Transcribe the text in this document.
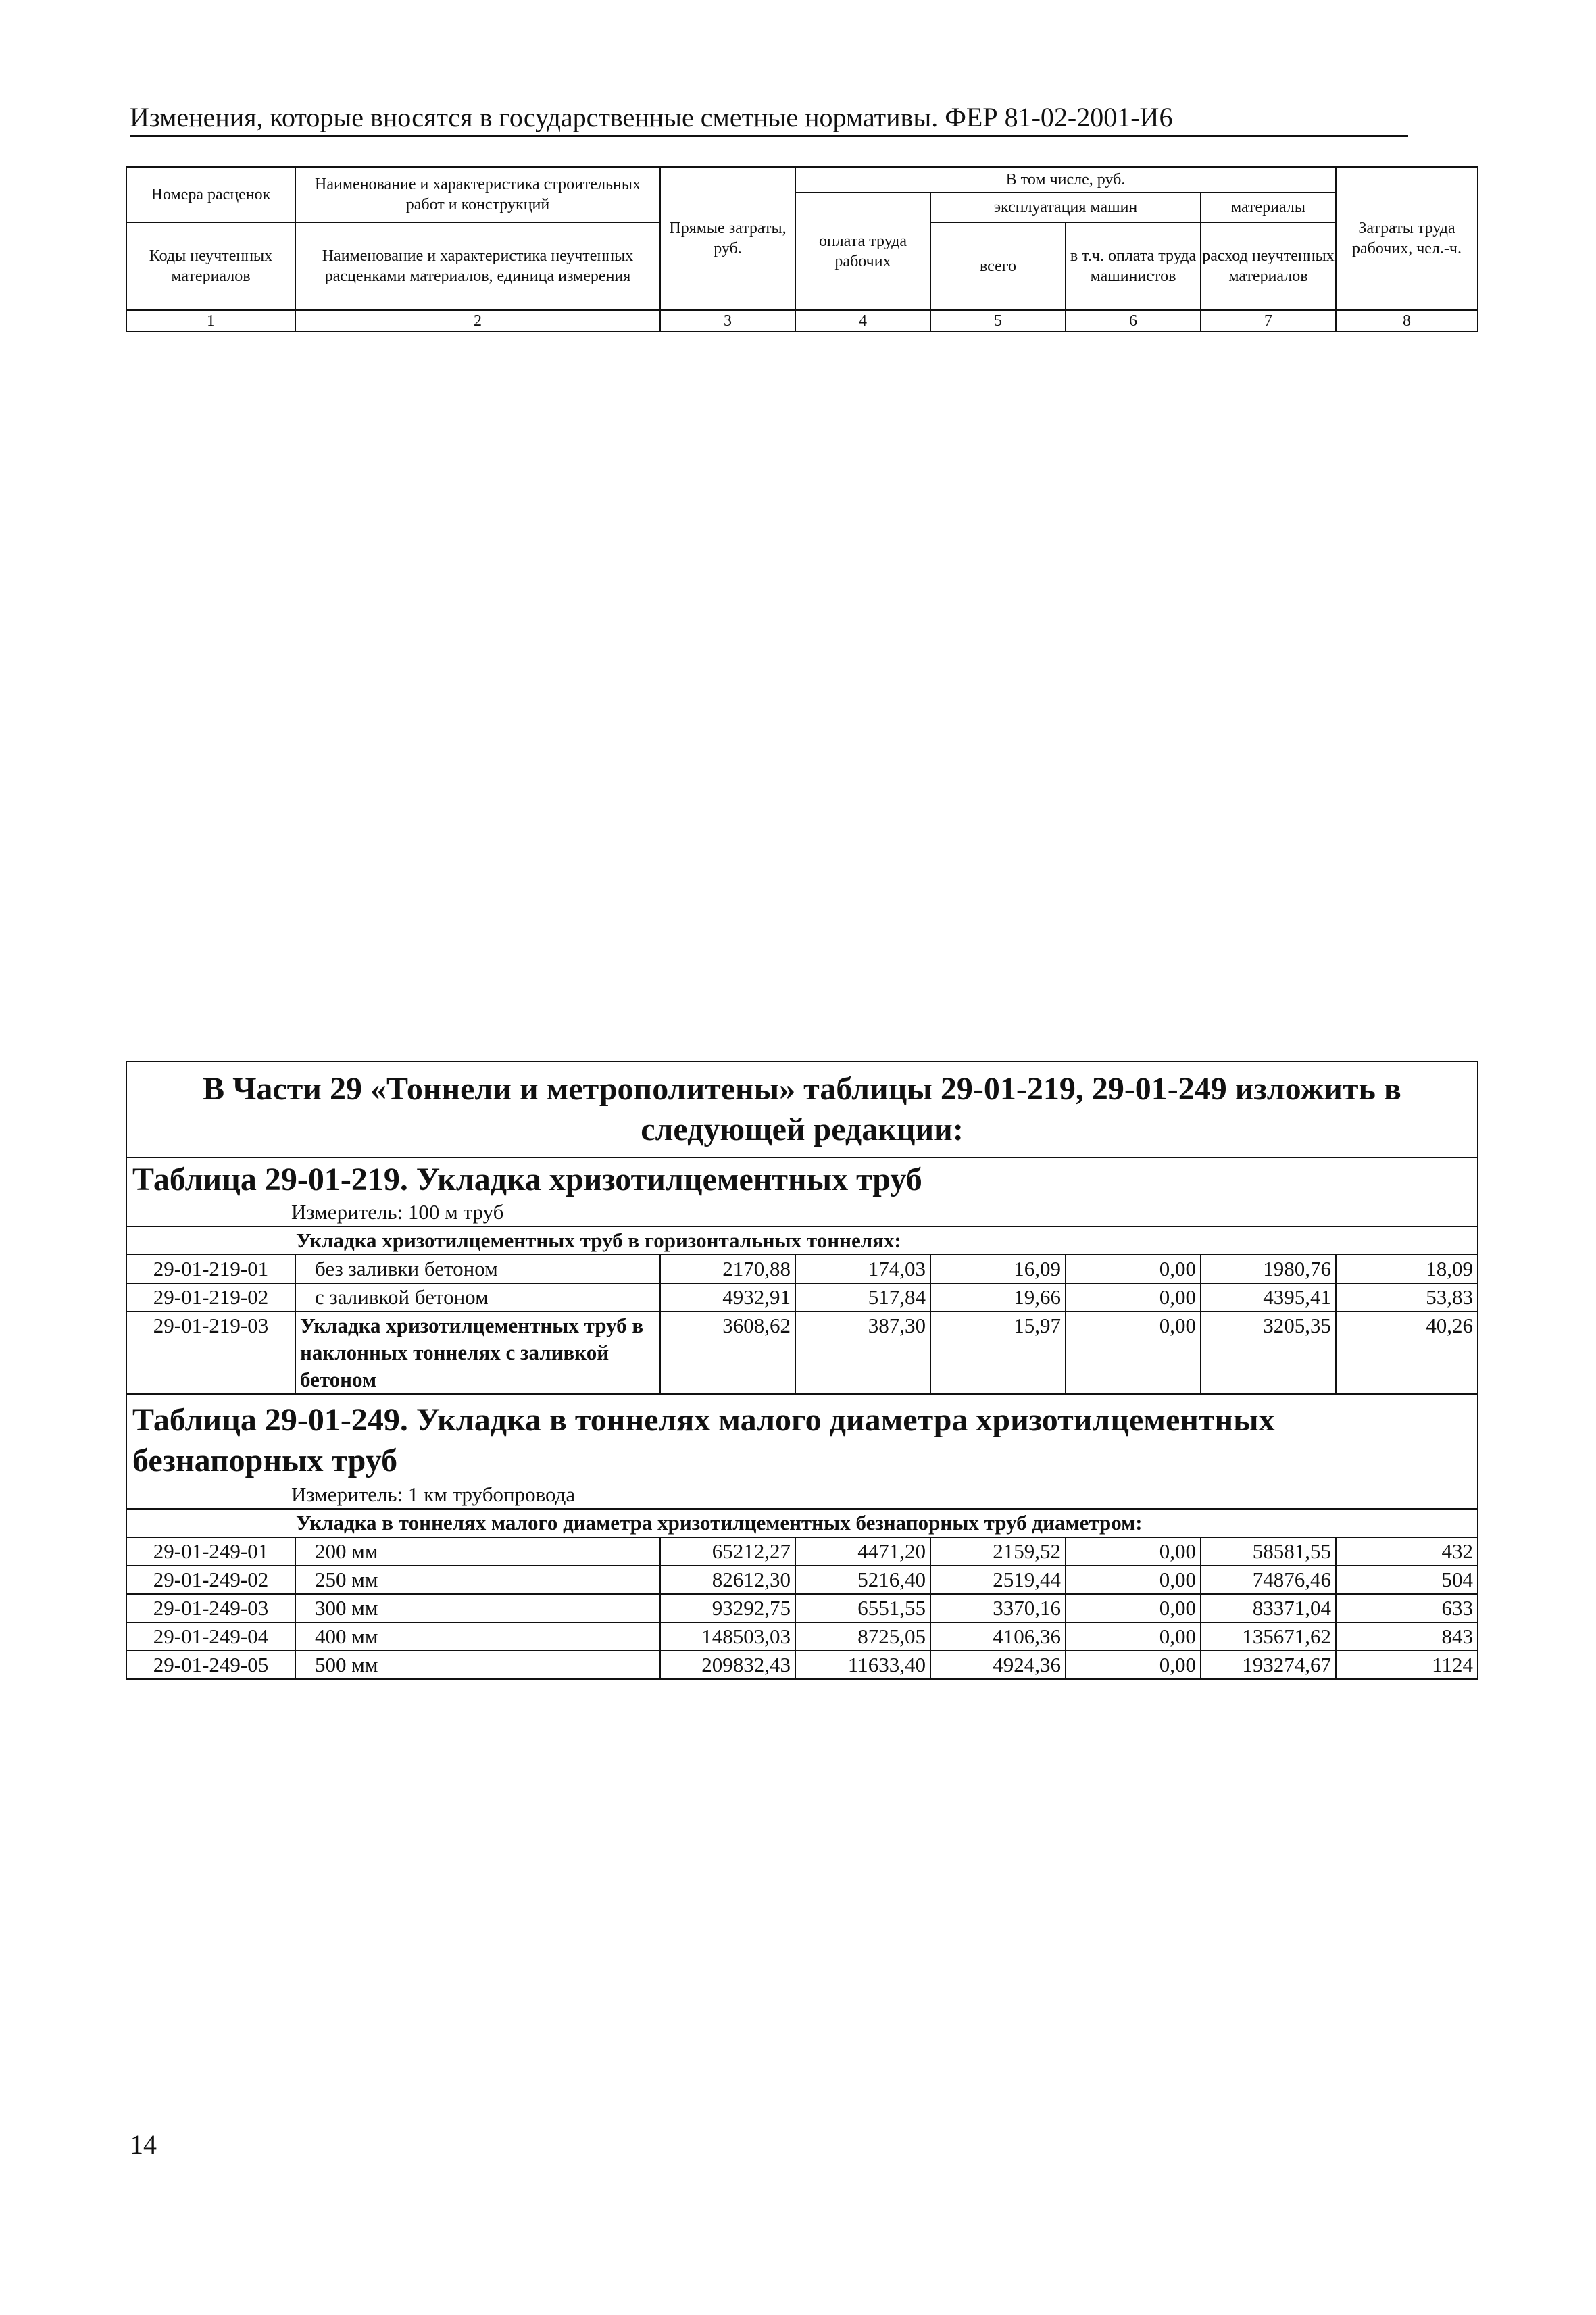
Изменения, которые вносятся в государственные сметные нормативы. ФЕР 81-02-2001-И6
Номера расценок	Наименование и характеристика строительных работ и конструкций	Прямые затраты, руб.	В том числе, руб.				Затраты труда рабочих, чел.-ч.
			оплата труда рабочих	эксплуатация машин		материалы	
Коды неучтенных материалов	Наименование и характеристика неучтенных расценками материалов, единица измерения			всего	в т.ч. оплата труда машинистов	расход неучтенных материалов	

1	2	3	4	5	6	7	8
В Части 29 «Тоннели и метрополитены» таблицы 29-01-219, 29-01-249 изложить в следующей редакции:							
Таблица 29-01-219. Укладка хризотилцементных труб
Измеритель: 100 м труб							

Укладка хризотилцементных труб в горизонтальных тоннелях:							
29-01-219-01	без заливки бетоном	2170,88	174,03	16,09	0,00	1980,76	18,09
29-01-219-02	с заливкой бетоном	4932,91	517,84	19,66	0,00	4395,41	53,83
29-01-219-03	Укладка хризотилцементных труб в наклонных тоннелях с заливкой бетоном	3608,62	387,30	15,97	0,00	3205,35	40,26

Таблица 29-01-249. Укладка в тоннелях малого диаметра хризотилцементных безнапорных труб
Измеритель: 1 км трубопровода							

Укладка в тоннелях малого диаметра хризотилцементных безнапорных труб диаметром:							
29-01-249-01	200 мм	65212,27	4471,20	2159,52	0,00	58581,55	432
29-01-249-02	250 мм	82612,30	5216,40	2519,44	0,00	74876,46	504
29-01-249-03	300 мм	93292,75	6551,55	3370,16	0,00	83371,04	633
29-01-249-04	400 мм	148503,03	8725,05	4106,36	0,00	135671,62	843
29-01-249-05	500 мм	209832,43	11633,40	4924,36	0,00	193274,67	1124
14
